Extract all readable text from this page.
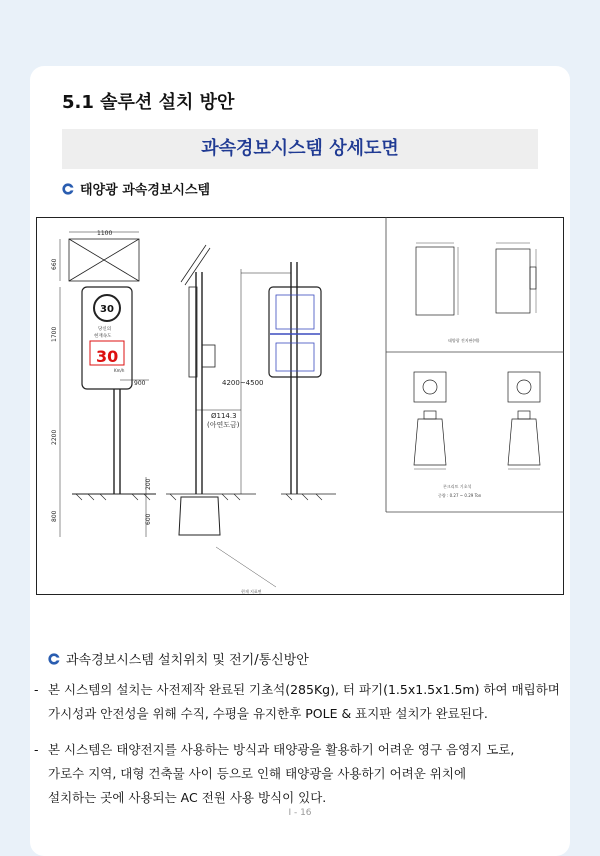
5.1 솔루션 설치 방안
과속경보시스템 상세도면
태양광 과속경보시스템
1100
660
1700
2200
800
900
200
600
30
당신의
현재속도
30
Km/h
4200~4500
Ø114.3
(아연도금)
현재 지표면
태양광 전지판(예)
콘크리트 기초석
중량 : 0.27 ~ 0.29 Ton
과속경보시스템 설치위치 및 전기/통신방안
- 본 시스템의 설치는 사전제작 완료된 기초석(285Kg), 터 파기(1.5x1.5x1.5m) 하여 매립하며
가시성과 안전성을 위해 수직, 수평을 유지한후 POLE & 표지판 설치가 완료된다.
- 본 시스템은 태양전지를 사용하는 방식과 태양광을 활용하기 어려운 영구 음영지 도로,
가로수 지역, 대형 건축물 사이 등으로 인해 태양광을 사용하기 어려운 위치에
설치하는 곳에 사용되는 AC 전원 사용 방식이 있다.
I - 16
